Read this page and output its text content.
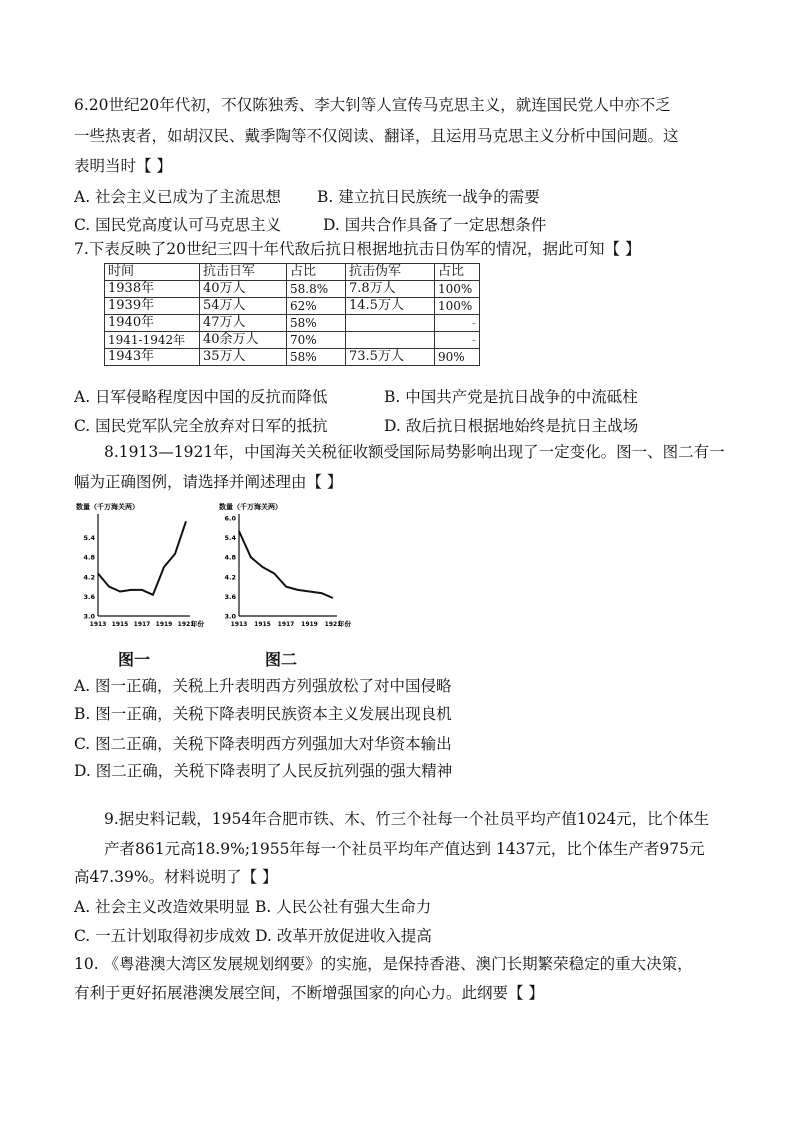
6.20世纪20年代初，不仅陈独秀、李大钊等人宣传马克思主义，就连国民党人中亦不乏
一些热衷者，如胡汉民、戴季陶等不仅阅读、翻译，且运用马克思主义分析中国问题。这
表明当时【 】
A. 社会主义已成为了主流思想 B. 建立抗日民族统一战争的需要
C. 国民党高度认可马克思主义	D. 国共合作具备了一定思想条件
7.下表反映了20世纪三四十年代敌后抗日根据地抗击日伪军的情况，据此可知【 】
时间	抗击日军	占比	抗击伪军	占比
1938年	40万人	58.8%	7.8万人	100%
1939年	54万人	62%	14.5万人	100%
1940年	47万人	58%		-
1941-1942年	40余万人	70%		-
1943年	35万人	58%	73.5万人	90%
A. 日军侵略程度因中国的反抗而降低	B. 中国共产党是抗日战争的中流砥柱
C. 国民党军队完全放弃对日军的抵抗	D. 敌后抗日根据地始终是抗日主战场
8.1913—1921年，中国海关关税征收额受国际局势影响出现了一定变化。图一、图二有一
幅为正确图例，请选择并阐述理由【 】
数量（千万海关两）
3.0
3.6
4.2
4.8
5.4
1913 1915 1917 1919 1921
年份
数量（千万海关两）
3.0
3.6
4.2
4.8
5.4
6.0
1913 1915 1917 1919 1921
年份
图一	图二
A. 图一正确，关税上升表明西方列强放松了对中国侵略
B. 图一正确，关税下降表明民族资本主义发展出现良机
C. 图二正确，关税下降表明西方列强加大对华资本输出
D. 图二正确，关税下降表明了人民反抗列强的强大精神
9.据史料记载，1954年合肥市铁、木、竹三个社每一个社员平均产值1024元，比个体生
产者861元高18.9%;1955年每一个社员平均年产值达到 1437元，比个体生产者975元
高47.39%。材料说明了【 】
A. 社会主义改造效果明显 B. 人民公社有强大生命力
C. 一五计划取得初步成效 D. 改革开放促进收入提高
10. 《粤港澳大湾区发展规划纲要》的实施，是保持香港、澳门长期繁荣稳定的重大决策，
有利于更好拓展港澳发展空间，不断增强国家的向心力。此纲要【 】
